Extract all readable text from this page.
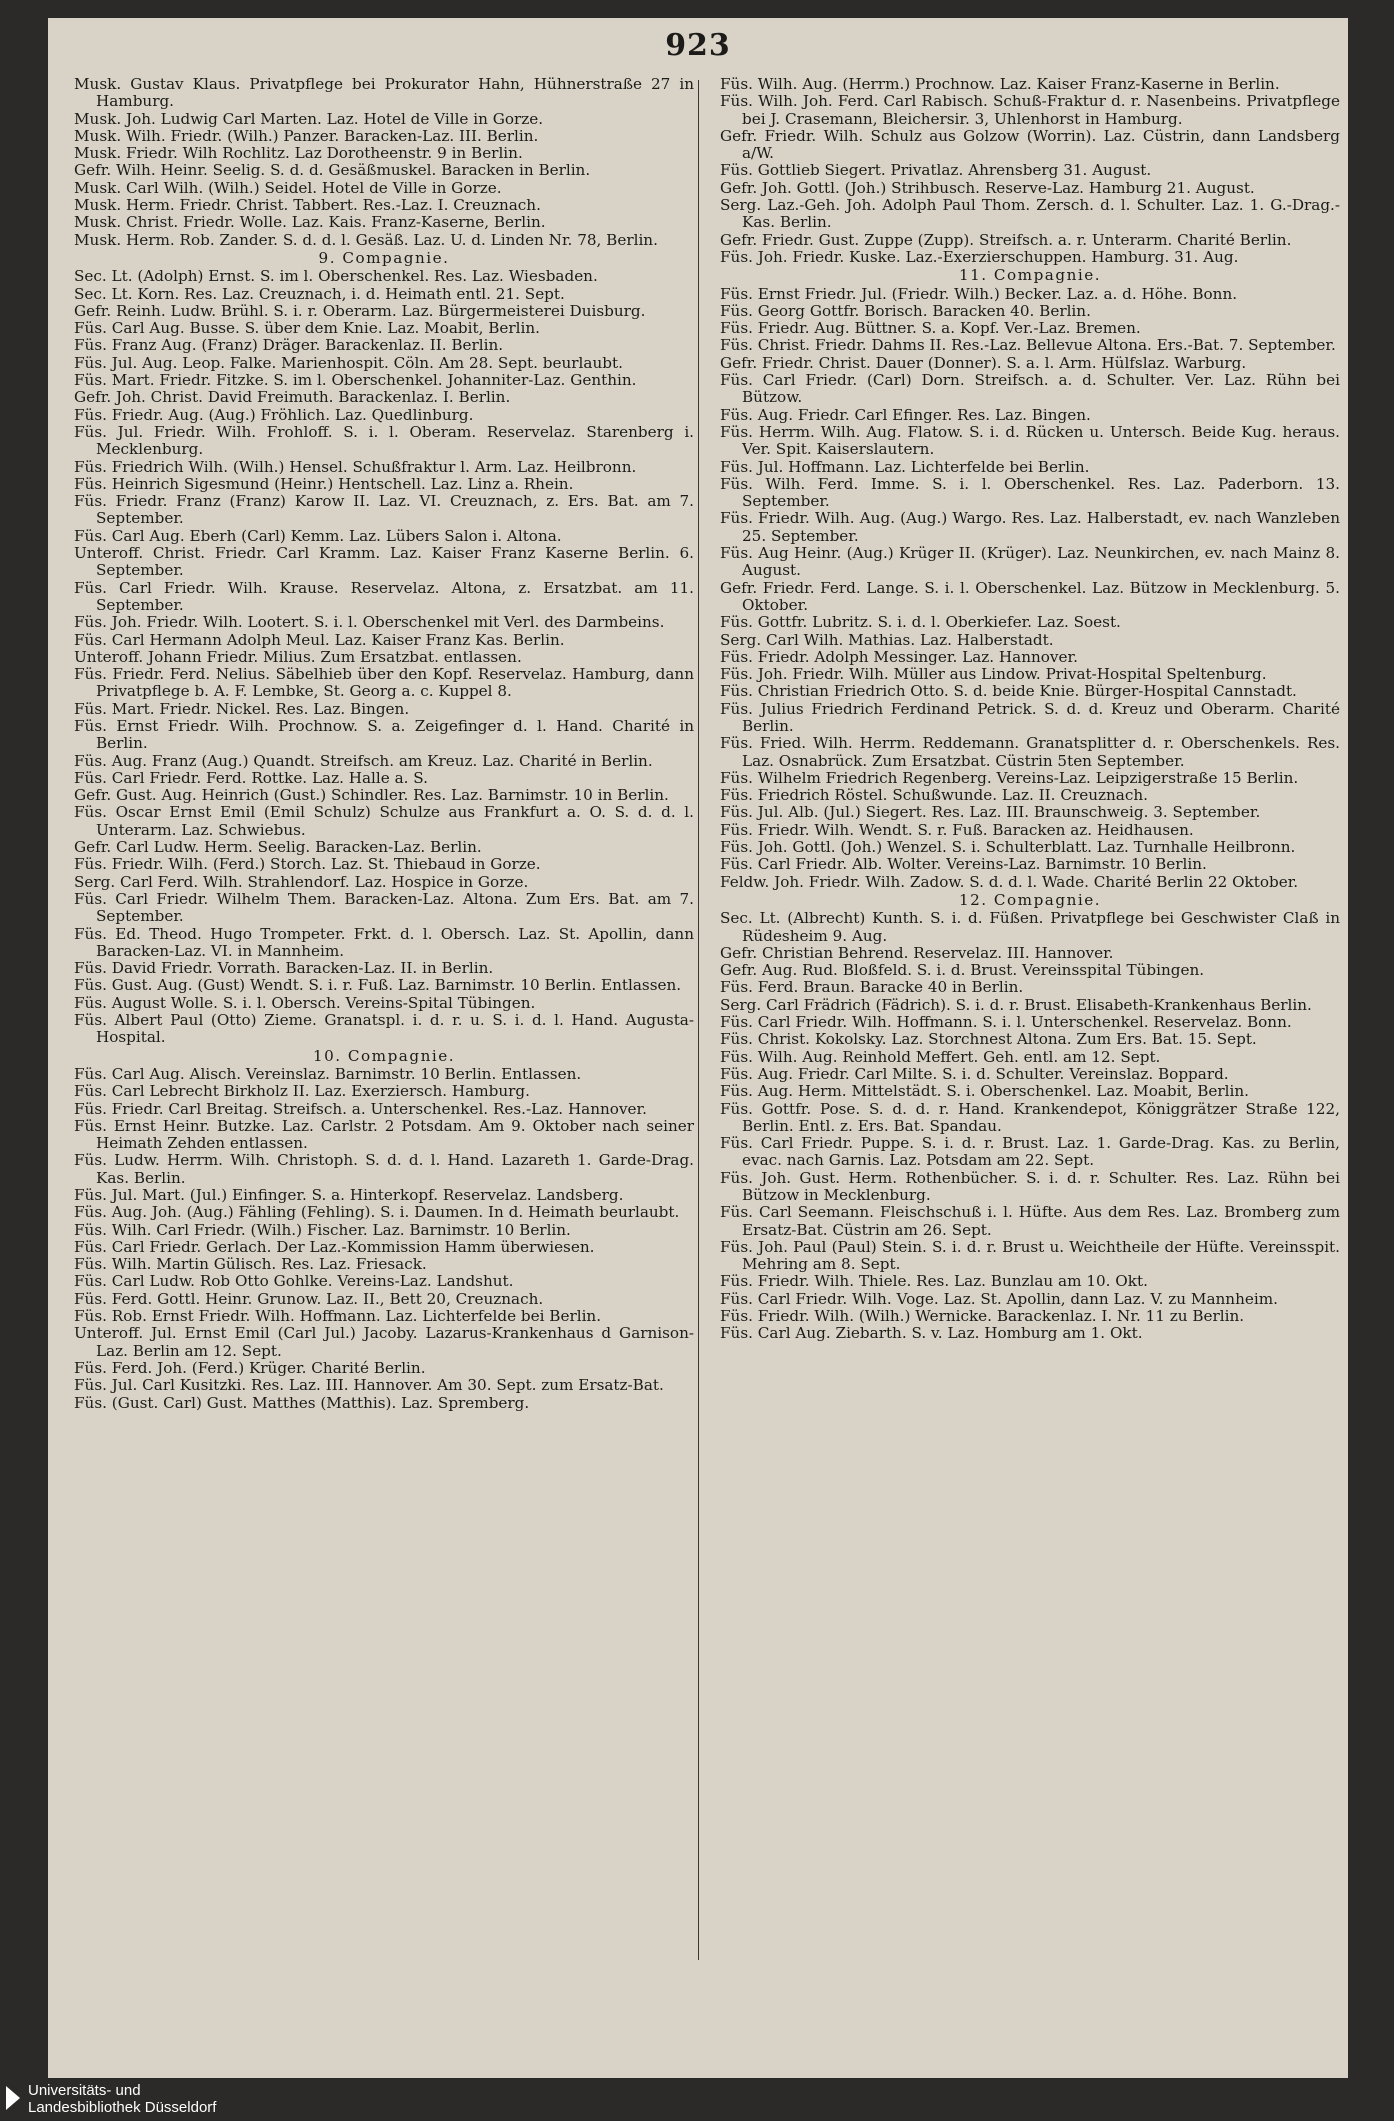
923

Musk. Gustav Klaus. Privatpflege bei Prokurator Hahn, Hühnerstraße 27 in Hamburg.

Musk. Joh. Ludwig Carl Marten. Laz. Hotel de Ville in Gorze.

Musk. Wilh. Friedr. (Wilh.) Panzer. Baracken-Laz. III. Berlin.

Musk. Friedr. Wilh Rochlitz. Laz Dorotheenstr. 9 in Berlin.

Gefr. Wilh. Heinr. Seelig. S. d. d. Gesäßmuskel. Baracken in Berlin.

Musk. Carl Wilh. (Wilh.) Seidel. Hotel de Ville in Gorze.

Musk. Herm. Friedr. Christ. Tabbert. Res.-Laz. I. Creuznach.

Musk. Christ. Friedr. Wolle. Laz. Kais. Franz-Kaserne, Berlin.

Musk. Herm. Rob. Zander. S. d. d. l. Gesäß. Laz. U. d. Linden Nr. 78, Berlin.

9. Compagnie.

Sec. Lt. (Adolph) Ernst. S. im l. Oberschenkel. Res. Laz. Wiesbaden.

Sec. Lt. Korn. Res. Laz. Creuznach, i. d. Heimath entl. 21. Sept.

Gefr. Reinh. Ludw. Brühl. S. i. r. Oberarm. Laz. Bürgermeisterei Duisburg.

Füs. Carl Aug. Busse. S. über dem Knie. Laz. Moabit, Berlin.

Füs. Franz Aug. (Franz) Dräger. Barackenlaz. II. Berlin.

Füs. Jul. Aug. Leop. Falke. Marienhospit. Cöln. Am 28. Sept. beurlaubt.

Füs. Mart. Friedr. Fitzke. S. im l. Oberschenkel. Johanniter-Laz. Genthin.

Gefr. Joh. Christ. David Freimuth. Barackenlaz. I. Berlin.

Füs. Friedr. Aug. (Aug.) Fröhlich. Laz. Quedlinburg.

Füs. Jul. Friedr. Wilh. Frohloff. S. i. l. Oberam. Reservelaz. Starenberg i. Mecklenburg.

Füs. Friedrich Wilh. (Wilh.) Hensel. Schußfraktur l. Arm. Laz. Heilbronn.

Füs. Heinrich Sigesmund (Heinr.) Hentschell. Laz. Linz a. Rhein.

Füs. Friedr. Franz (Franz) Karow II. Laz. VI. Creuznach, z. Ers. Bat. am 7. September.

Füs. Carl Aug. Eberh (Carl) Kemm. Laz. Lübers Salon i. Altona.

Unteroff. Christ. Friedr. Carl Kramm. Laz. Kaiser Franz Kaserne Berlin. 6. September.

Füs. Carl Friedr. Wilh. Krause. Reservelaz. Altona, z. Ersatzbat. am 11. September.

Füs. Joh. Friedr. Wilh. Lootert. S. i. l. Oberschenkel mit Verl. des Darmbeins.

Füs. Carl Hermann Adolph Meul. Laz. Kaiser Franz Kas. Berlin.

Unteroff. Johann Friedr. Milius. Zum Ersatzbat. entlassen.

Füs. Friedr. Ferd. Nelius. Säbelhieb über den Kopf. Reservelaz. Hamburg, dann Privatpflege b. A. F. Lembke, St. Georg a. c. Kuppel 8.

Füs. Mart. Friedr. Nickel. Res. Laz. Bingen.

Füs. Ernst Friedr. Wilh. Prochnow. S. a. Zeigefinger d. l. Hand. Charité in Berlin.

Füs. Aug. Franz (Aug.) Quandt. Streifsch. am Kreuz. Laz. Charité in Berlin.

Füs. Carl Friedr. Ferd. Rottke. Laz. Halle a. S.

Gefr. Gust. Aug. Heinrich (Gust.) Schindler. Res. Laz. Barnimstr. 10 in Berlin.

Füs. Oscar Ernst Emil (Emil Schulz) Schulze aus Frankfurt a. O. S. d. d. l. Unterarm. Laz. Schwiebus.

Gefr. Carl Ludw. Herm. Seelig. Baracken-Laz. Berlin.

Füs. Friedr. Wilh. (Ferd.) Storch. Laz. St. Thiebaud in Gorze.

Serg. Carl Ferd. Wilh. Strahlendorf. Laz. Hospice in Gorze.

Füs. Carl Friedr. Wilhelm Them. Baracken-Laz. Altona. Zum Ers. Bat. am 7. September.

Füs. Ed. Theod. Hugo Trompeter. Frkt. d. l. Obersch. Laz. St. Apollin, dann Baracken-Laz. VI. in Mannheim.

Füs. David Friedr. Vorrath. Baracken-Laz. II. in Berlin.

Füs. Gust. Aug. (Gust) Wendt. S. i. r. Fuß. Laz. Barnimstr. 10 Berlin. Entlassen.

Füs. August Wolle. S. i. l. Obersch. Vereins-Spital Tübingen.

Füs. Albert Paul (Otto) Zieme. Granatspl. i. d. r. u. S. i. d. l. Hand. Augusta-Hospital.

10. Compagnie.

Füs. Carl Aug. Alisch. Vereinslaz. Barnimstr. 10 Berlin. Entlassen.

Füs. Carl Lebrecht Birkholz II. Laz. Exerziersch. Hamburg.

Füs. Friedr. Carl Breitag. Streifsch. a. Unterschenkel. Res.-Laz. Hannover.

Füs. Ernst Heinr. Butzke. Laz. Carlstr. 2 Potsdam. Am 9. Oktober nach seiner Heimath Zehden entlassen.

Füs. Ludw. Herrm. Wilh. Christoph. S. d. d. l. Hand. Lazareth 1. Garde-Drag. Kas. Berlin.

Füs. Jul. Mart. (Jul.) Einfinger. S. a. Hinterkopf. Reservelaz. Landsberg.

Füs. Aug. Joh. (Aug.) Fähling (Fehling). S. i. Daumen. In d. Heimath beurlaubt.

Füs. Wilh. Carl Friedr. (Wilh.) Fischer. Laz. Barnimstr. 10 Berlin.

Füs. Carl Friedr. Gerlach. Der Laz.-Kommission Hamm überwiesen.

Füs. Wilh. Martin Gülisch. Res. Laz. Friesack.

Füs. Carl Ludw. Rob Otto Gohlke. Vereins-Laz. Landshut.

Füs. Ferd. Gottl. Heinr. Grunow. Laz. II., Bett 20, Creuznach.

Füs. Rob. Ernst Friedr. Wilh. Hoffmann. Laz. Lichterfelde bei Berlin.

Unteroff. Jul. Ernst Emil (Carl Jul.) Jacoby. Lazarus-Krankenhaus d Garnison-Laz. Berlin am 12. Sept.

Füs. Ferd. Joh. (Ferd.) Krüger. Charité Berlin.

Füs. Jul. Carl Kusitzki. Res. Laz. III. Hannover. Am 30. Sept. zum Ersatz-Bat.

Füs. (Gust. Carl) Gust. Matthes (Matthis). Laz. Spremberg.

Füs. Wilh. Aug. (Herrm.) Prochnow. Laz. Kaiser Franz-Kaserne in Berlin.

Füs. Wilh. Joh. Ferd. Carl Rabisch. Schuß-Fraktur d. r. Nasenbeins. Privatpflege bei J. Crasemann, Bleichersir. 3, Uhlenhorst in Hamburg.

Gefr. Friedr. Wilh. Schulz aus Golzow (Worrin). Laz. Cüstrin, dann Landsberg a/W.

Füs. Gottlieb Siegert. Privatlaz. Ahrensberg 31. August.

Gefr. Joh. Gottl. (Joh.) Strihbusch. Reserve-Laz. Hamburg 21. August.

Serg. Laz.-Geh. Joh. Adolph Paul Thom. Zersch. d. l. Schulter. Laz. 1. G.-Drag.-Kas. Berlin.

Gefr. Friedr. Gust. Zuppe (Zupp). Streifsch. a. r. Unterarm. Charité Berlin.

Füs. Joh. Friedr. Kuske. Laz.-Exerzierschuppen. Hamburg. 31. Aug.

11. Compagnie.

Füs. Ernst Friedr. Jul. (Friedr. Wilh.) Becker. Laz. a. d. Höhe. Bonn.

Füs. Georg Gottfr. Borisch. Baracken 40. Berlin.

Füs. Friedr. Aug. Büttner. S. a. Kopf. Ver.-Laz. Bremen.

Füs. Christ. Friedr. Dahms II. Res.-Laz. Bellevue Altona. Ers.-Bat. 7. September.

Gefr. Friedr. Christ. Dauer (Donner). S. a. l. Arm. Hülfslaz. Warburg.

Füs. Carl Friedr. (Carl) Dorn. Streifsch. a. d. Schulter. Ver. Laz. Rühn bei Bützow.

Füs. Aug. Friedr. Carl Efinger. Res. Laz. Bingen.

Füs. Herrm. Wilh. Aug. Flatow. S. i. d. Rücken u. Untersch. Beide Kug. heraus. Ver. Spit. Kaiserslautern.

Füs. Jul. Hoffmann. Laz. Lichterfelde bei Berlin.

Füs. Wilh. Ferd. Imme. S. i. l. Oberschenkel. Res. Laz. Paderborn. 13. September.

Füs. Friedr. Wilh. Aug. (Aug.) Wargo. Res. Laz. Halberstadt, ev. nach Wanzleben 25. September.

Füs. Aug Heinr. (Aug.) Krüger II. (Krüger). Laz. Neunkirchen, ev. nach Mainz 8. August.

Gefr. Friedr. Ferd. Lange. S. i. l. Oberschenkel. Laz. Bützow in Mecklenburg. 5. Oktober.

Füs. Gottfr. Lubritz. S. i. d. l. Oberkiefer. Laz. Soest.

Serg. Carl Wilh. Mathias. Laz. Halberstadt.

Füs. Friedr. Adolph Messinger. Laz. Hannover.

Füs. Joh. Friedr. Wilh. Müller aus Lindow. Privat-Hospital Speltenburg.

Füs. Christian Friedrich Otto. S. d. beide Knie. Bürger-Hospital Cannstadt.

Füs. Julius Friedrich Ferdinand Petrick. S. d. d. Kreuz und Oberarm. Charité Berlin.

Füs. Fried. Wilh. Herrm. Reddemann. Granatsplitter d. r. Oberschenkels. Res. Laz. Osnabrück. Zum Ersatzbat. Cüstrin 5ten September.

Füs. Wilhelm Friedrich Regenberg. Vereins-Laz. Leipzigerstraße 15 Berlin.

Füs. Friedrich Röstel. Schußwunde. Laz. II. Creuznach.

Füs. Jul. Alb. (Jul.) Siegert. Res. Laz. III. Braunschweig. 3. September.

Füs. Friedr. Wilh. Wendt. S. r. Fuß. Baracken az. Heidhausen.

Füs. Joh. Gottl. (Joh.) Wenzel. S. i. Schulterblatt. Laz. Turnhalle Heilbronn.

Füs. Carl Friedr. Alb. Wolter. Vereins-Laz. Barnimstr. 10 Berlin.

Feldw. Joh. Friedr. Wilh. Zadow. S. d. d. l. Wade. Charité Berlin 22 Oktober.

12. Compagnie.

Sec. Lt. (Albrecht) Kunth. S. i. d. Füßen. Privatpflege bei Geschwister Claß in Rüdesheim 9. Aug.

Gefr. Christian Behrend. Reservelaz. III. Hannover.

Gefr. Aug. Rud. Bloßfeld. S. i. d. Brust. Vereinsspital Tübingen.

Füs. Ferd. Braun. Baracke 40 in Berlin.

Serg. Carl Frädrich (Fädrich). S. i. d. r. Brust. Elisabeth-Krankenhaus Berlin.

Füs. Carl Friedr. Wilh. Hoffmann. S. i. l. Unterschenkel. Reservelaz. Bonn.

Füs. Christ. Kokolsky. Laz. Storchnest Altona. Zum Ers. Bat. 15. Sept.

Füs. Wilh. Aug. Reinhold Meffert. Geh. entl. am 12. Sept.

Füs. Aug. Friedr. Carl Milte. S. i. d. Schulter. Vereinslaz. Boppard.

Füs. Aug. Herm. Mittelstädt. S. i. Oberschenkel. Laz. Moabit, Berlin.

Füs. Gottfr. Pose. S. d. d. r. Hand. Krankendepot, Königgrätzer Straße 122, Berlin. Entl. z. Ers. Bat. Spandau.

Füs. Carl Friedr. Puppe. S. i. d. r. Brust. Laz. 1. Garde-Drag. Kas. zu Berlin, evac. nach Garnis. Laz. Potsdam am 22. Sept.

Füs. Joh. Gust. Herm. Rothenbücher. S. i. d. r. Schulter. Res. Laz. Rühn bei Bützow in Mecklenburg.

Füs. Carl Seemann. Fleischschuß i. l. Hüfte. Aus dem Res. Laz. Bromberg zum Ersatz-Bat. Cüstrin am 26. Sept.

Füs. Joh. Paul (Paul) Stein. S. i. d. r. Brust u. Weichtheile der Hüfte. Vereinsspit. Mehring am 8. Sept.

Füs. Friedr. Wilh. Thiele. Res. Laz. Bunzlau am 10. Okt.

Füs. Carl Friedr. Wilh. Voge. Laz. St. Apollin, dann Laz. V. zu Mannheim.

Füs. Friedr. Wilh. (Wilh.) Wernicke. Barackenlaz. I. Nr. 11 zu Berlin.

Füs. Carl Aug. Ziebarth. S. v. Laz. Homburg am 1. Okt.

Universitäts- und
Landesbibliothek Düsseldorf
